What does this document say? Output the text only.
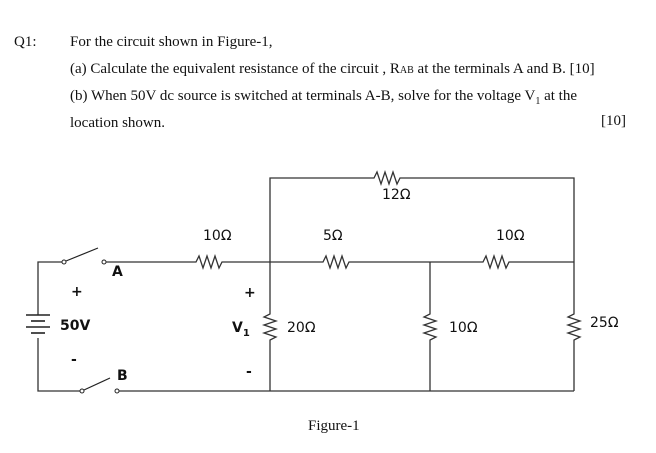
Q1: For the circuit shown in Figure-1,
(a) Calculate the equivalent resistance of the circuit , RAB at the terminals A and B. [10]
(b) When 50V dc source is switched at terminals A-B, solve for the voltage $V_1$ at the
location shown.	[10]
12Ω
10Ω	5Ω	10Ω
20Ω	10Ω	25Ω
A
B
50V
+
-
+
$V_1$
-
Figure-1
